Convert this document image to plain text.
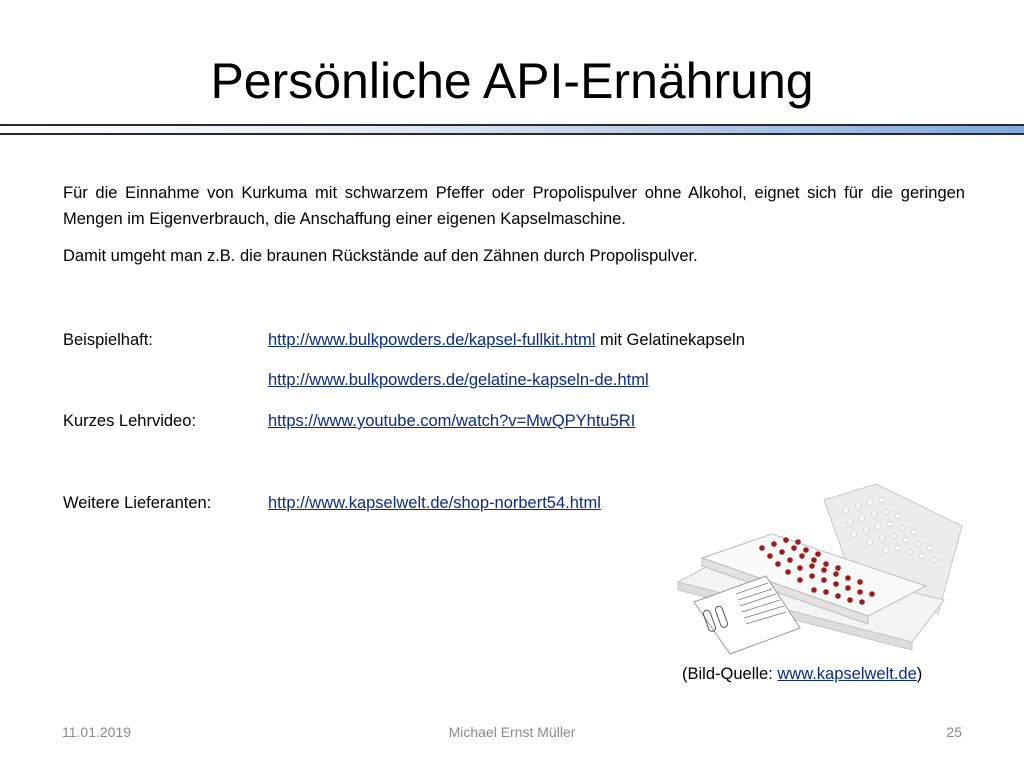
Persönliche API-Ernährung
Für die Einnahme von Kurkuma mit schwarzem Pfeffer oder Propolispulver ohne Alkohol, eignet sich für die geringen Mengen im Eigenverbrauch, die Anschaffung einer eigenen Kapselmaschine.
Damit umgeht man z.B. die braunen Rückstände auf den Zähnen durch Propolispulver.
Beispielhaft:	http://www.bulkpowders.de/kapsel-fullkit.html mit Gelatinekapseln
http://www.bulkpowders.de/gelatine-kapseln-de.html
Kurzes Lehrvideo:	https://www.youtube.com/watch?v=MwQPYhtu5RI
Weitere Lieferanten:	http://www.kapselwelt.de/shop-norbert54.html
(Bild-Quelle: www.kapselwelt.de)
11.01.2019	Michael Ernst Müller	25
